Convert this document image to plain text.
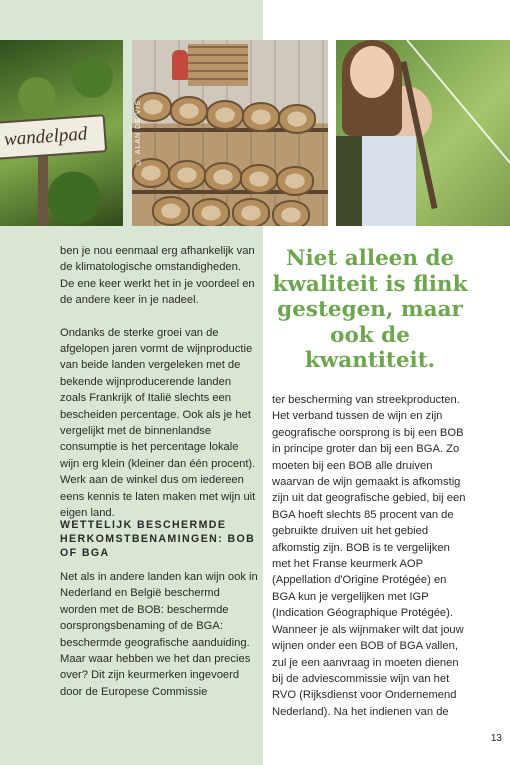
wandelpad	© ALAN DE VIS

ben je nou eenmaal erg afhankelijk van de klimatologische omstandigheden. De ene keer werkt het in je voordeel en de andere keer in je nadeel.

Ondanks de sterke groei van de afgelopen jaren vormt de wijnproductie van beide landen vergeleken met de bekende wijnproducerende landen zoals Frankrijk of Italië slechts een bescheiden percentage. Ook als je het vergelijkt met de binnenlandse consumptie is het percentage lokale wijn erg klein (kleiner dan één procent). Werk aan de winkel dus om iedereen eens kennis te laten maken met wijn uit eigen land.

WETTELIJK BESCHERMDE HERKOMSTBENAMINGEN: BOB OF BGA

Net als in andere landen kan wijn ook in Nederland en België beschermd worden met de BOB: beschermde oorsprongsbenaming of de BGA: beschermde geografische aanduiding. Maar waar hebben we het dan precies over? Dit zijn keurmerken ingevoerd door de Europese Commissie

Niet alleen de kwaliteit is flink gestegen, maar ook de kwantiteit.

ter bescherming van streekproducten. Het verband tussen de wijn en zijn geografische oorsprong is bij een BOB in principe groter dan bij een BGA. Zo moeten bij een BOB alle druiven waarvan de wijn gemaakt is afkomstig zijn uit dat geografische gebied, bij een BGA hoeft slechts 85 procent van de gebruikte druiven uit het gebied afkomstig zijn. BOB is te vergelijken met het Franse keurmerk AOP (Appellation d'Origine Protégée) en BGA kun je vergelijken met IGP (Indication Géographique Protégée). Wanneer je als wijnmaker wilt dat jouw wijnen onder een BOB of BGA vallen, zul je een aanvraag in moeten dienen bij de adviescommissie wijn van het RVO (Rijksdienst voor Ondernemend Nederland). Na het indienen van de

13
